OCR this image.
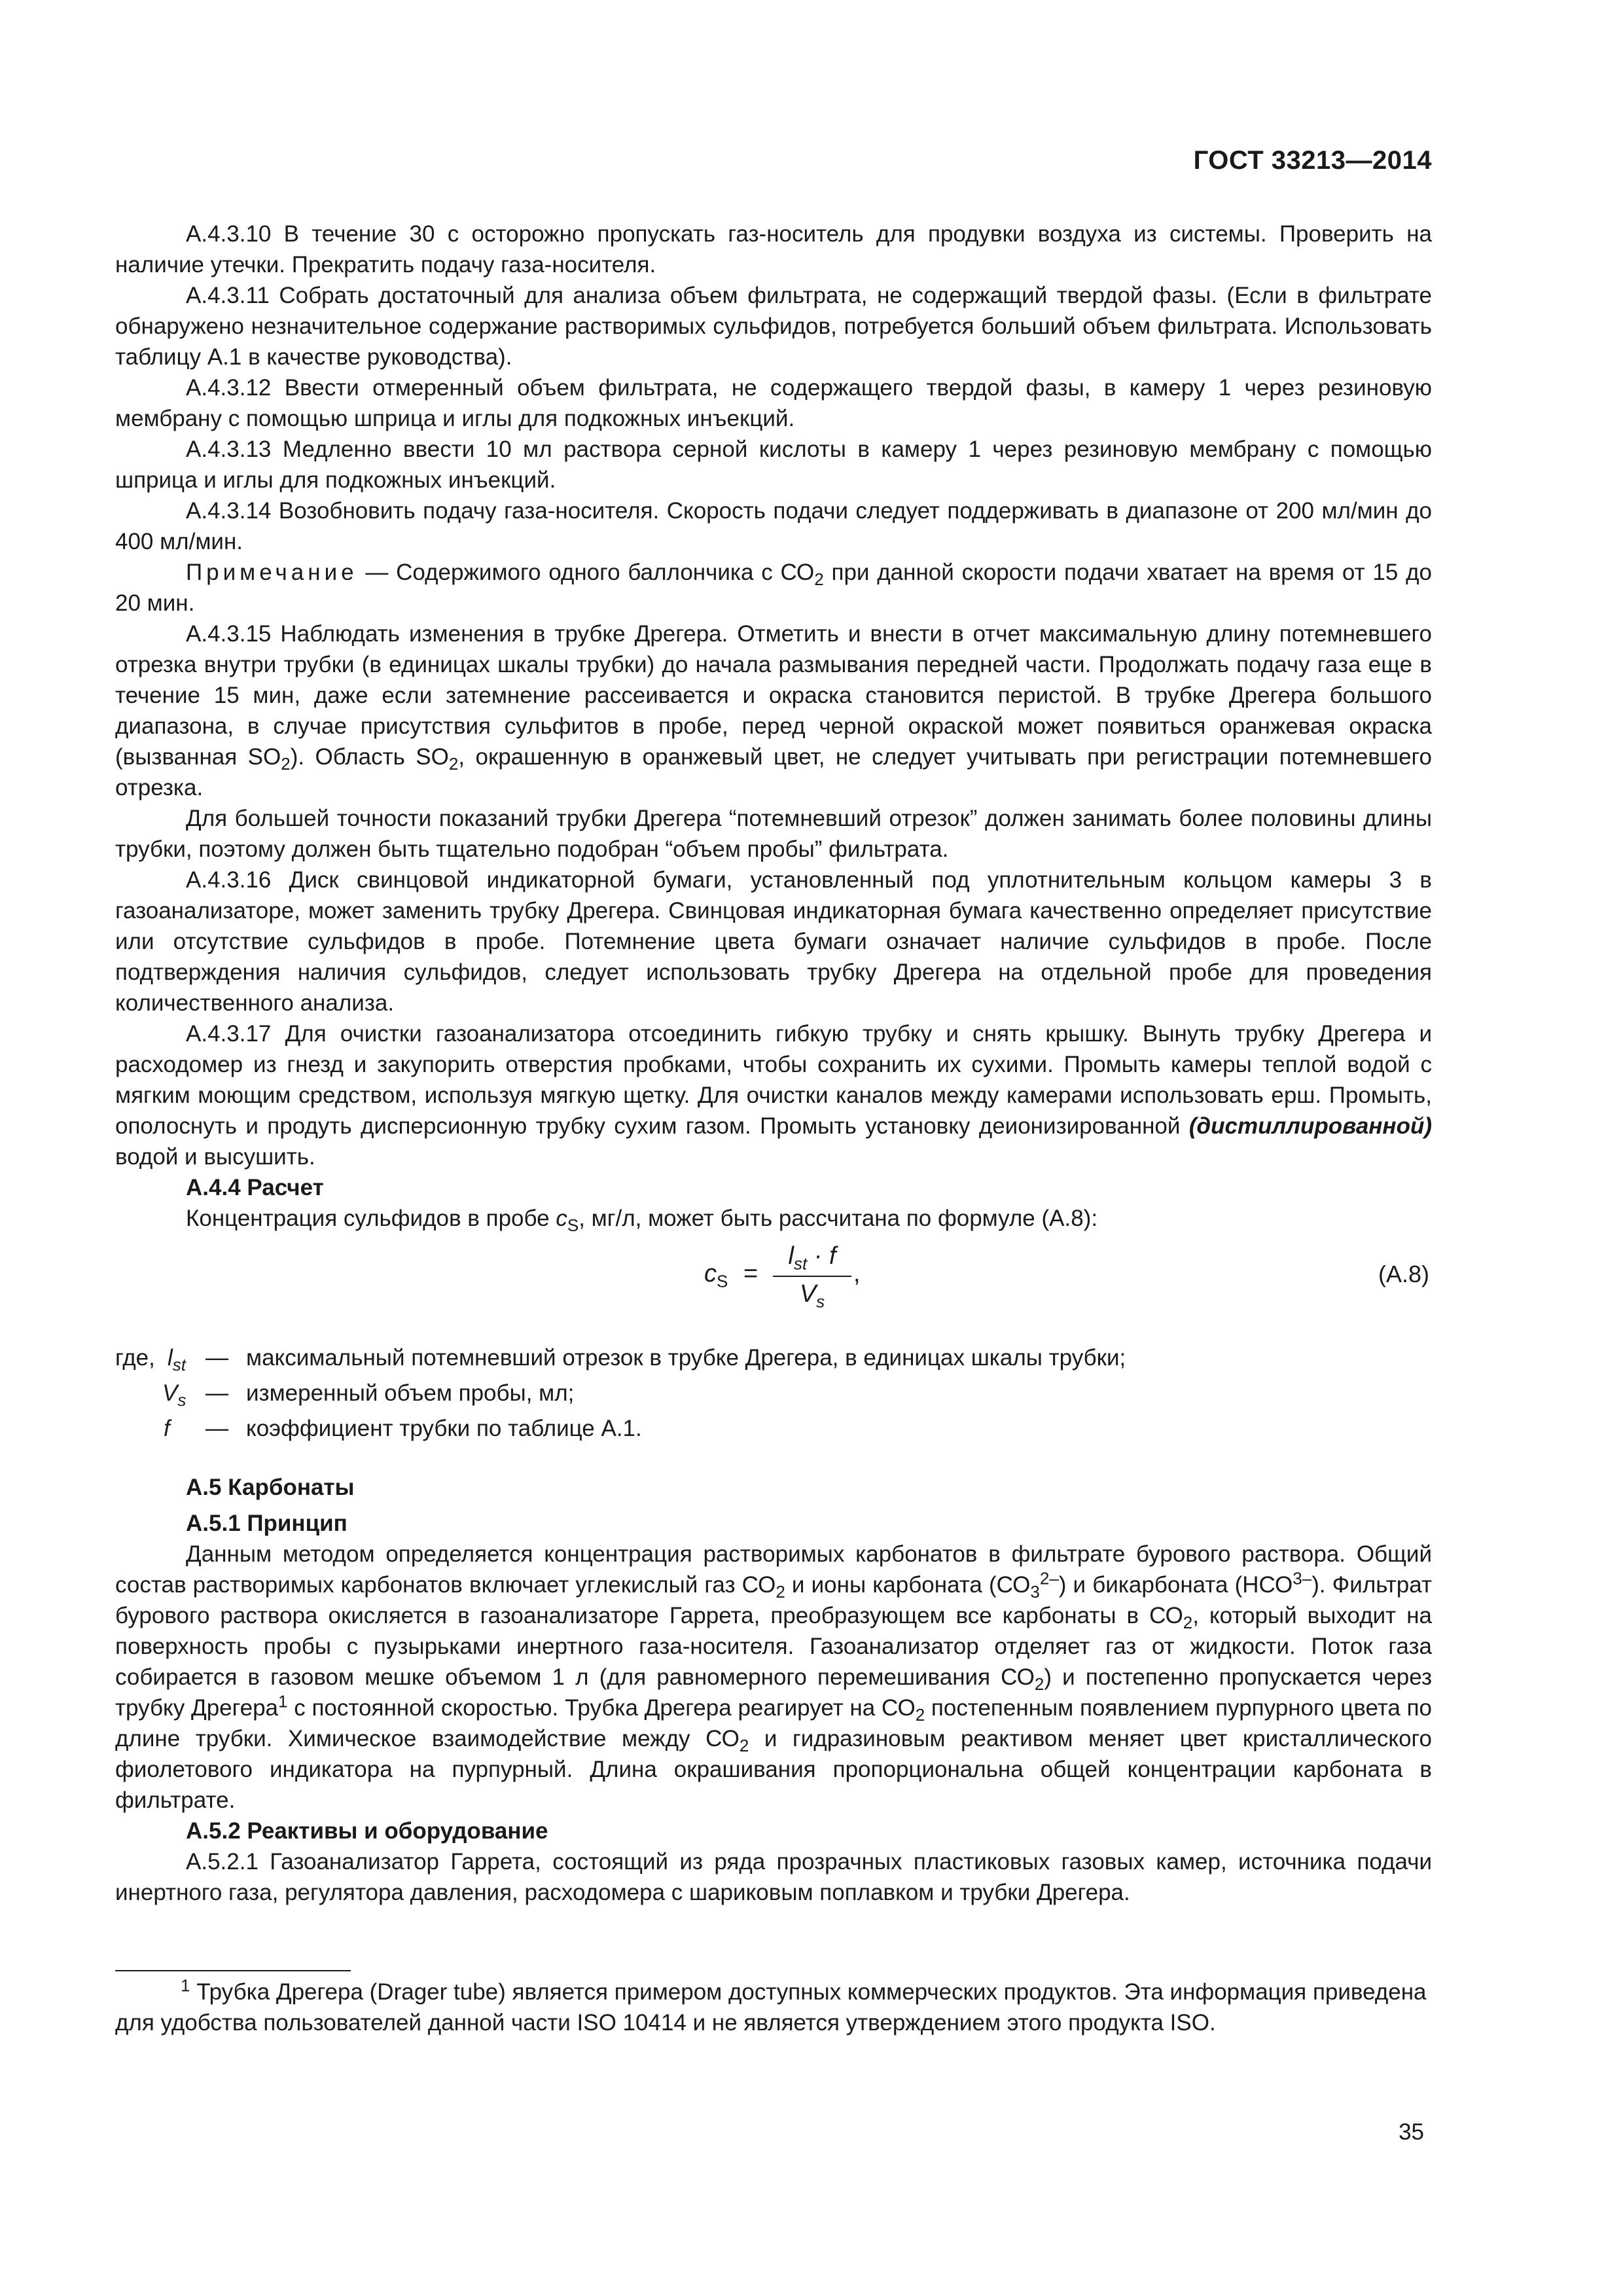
ГОСТ 33213—2014

А.4.3.10 В течение 30 с осторожно пропускать газ-носитель для продувки воздуха из системы. Проверить на наличие утечки. Прекратить подачу газа-носителя.

А.4.3.11 Собрать достаточный для анализа объем фильтрата, не содержащий твердой фазы. (Если в фильтрате обнаружено незначительное содержание растворимых сульфидов, потребуется больший объем фильтрата. Использовать таблицу А.1 в качестве руководства).

А.4.3.12 Ввести отмеренный объем фильтрата, не содержащего твердой фазы, в камеру 1 через резиновую мембрану с помощью шприца и иглы для подкожных инъекций.

А.4.3.13 Медленно ввести 10 мл раствора серной кислоты в камеру 1 через резиновую мембрану с помощью шприца и иглы для подкожных инъекций.

А.4.3.14 Возобновить подачу газа-носителя. Скорость подачи следует поддерживать в диапазоне от 200 мл/мин до 400 мл/мин.

Примечание — Содержимого одного баллончика с $СО_2$ при данной скорости подачи хватает на время от 15 до 20 мин.

А.4.3.15 Наблюдать изменения в трубке Дрегера. Отметить и внести в отчет максимальную длину потемневшего отрезка внутри трубки (в единицах шкалы трубки) до начала размывания передней части. Продолжать подачу газа еще в течение 15 мин, даже если затемнение рассеивается и окраска становится перистой. В трубке Дрегера большого диапазона, в случае присутствия сульфитов в пробе, перед черной окраской может появиться оранжевая окраска (вызванная $SO_2$). Область $SO_2$, окрашенную в оранжевый цвет, не следует учитывать при регистрации потемневшего отрезка.

Для большей точности показаний трубки Дрегера “потемневший отрезок” должен занимать более половины длины трубки, поэтому должен быть тщательно подобран “объем пробы” фильтрата.

А.4.3.16 Диск свинцовой индикаторной бумаги, установленный под уплотнительным кольцом камеры 3 в газоанализаторе, может заменить трубку Дрегера. Свинцовая индикаторная бумага качественно определяет присутствие или отсутствие сульфидов в пробе. Потемнение цвета бумаги означает наличие сульфидов в пробе. После подтверждения наличия сульфидов, следует использовать трубку Дрегера на отдельной пробе для проведения количественного анализа.

А.4.3.17 Для очистки газоанализатора отсоединить гибкую трубку и снять крышку. Вынуть трубку Дрегера и расходомер из гнезд и закупорить отверстия пробками, чтобы сохранить их сухими. Промыть камеры теплой водой с мягким моющим средством, используя мягкую щетку. Для очистки каналов между камерами использовать ерш. Промыть, ополоснуть и продуть дисперсионную трубку сухим газом. Промыть установку деионизированной (дистиллированной) водой и высушить.

А.4.4 Расчет

Концентрация сульфидов в пробе $c_S$, мг/л, может быть рассчитана по формуле (А.8):

$c_S$ =
$l_{st} \cdot f$
$V_s$
,	(А.8)
где, $l_{st}$ — максимальный потемневший отрезок в трубке Дрегера, в единицах шкалы трубки;
$V_s$ — измеренный объем пробы, мл;
f — коэффициент трубки по таблице А.1.
А.5 Карбонаты
А.5.1 Принцип

Данным методом определяется концентрация растворимых карбонатов в фильтрате бурового раствора. Общий состав растворимых карбонатов включает углекислый газ $СО_2$ и ионы карбоната $(СО_3^{2-})$ и бикарбоната $(НСО^{3-})$. Фильтрат бурового раствора окисляется в газоанализаторе Гаррета, преобразующем все карбонаты в $СО_2$, который выходит на поверхность пробы с пузырьками инертного газа-носителя. Газоанализатор отделяет газ от жидкости. Поток газа собирается в газовом мешке объемом 1 л (для равномерного перемешивания $СО_2$) и постепенно пропускается через трубку Дрегера$^1$ с постоянной скоростью. Трубка Дрегера реагирует на $СО_2$ постепенным появлением пурпурного цвета по длине трубки. Химическое взаимодействие между $СО_2$ и гидразиновым реактивом меняет цвет кристаллического фиолетового индикатора на пурпурный. Длина окрашивания пропорциональна общей концентрации карбоната в фильтрате.

А.5.2 Реактивы и оборудование

А.5.2.1 Газоанализатор Гаррета, состоящий из ряда прозрачных пластиковых газовых камер, источника подачи инертного газа, регулятора давления, расходомера с шариковым поплавком и трубки Дрегера.

$^1$ Трубка Дрегера (Drager tube) является примером доступных коммерческих продуктов. Эта информация приведена для удобства пользователей данной части ISO 10414 и не является утверждением этого продукта ISO.
35
